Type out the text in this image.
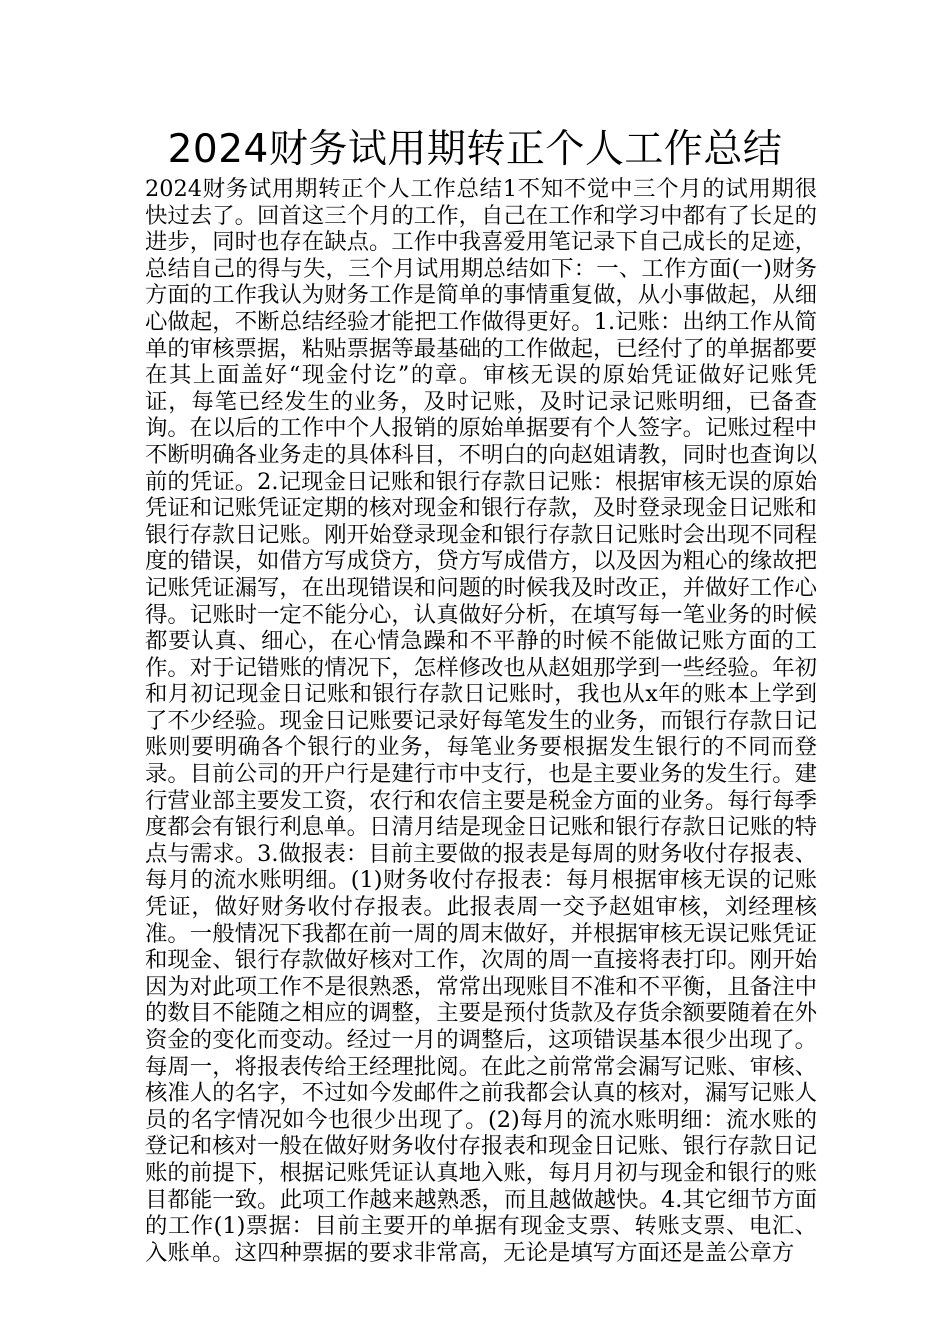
2024财务试用期转正个人工作总结

2024财务试用期转正个人工作总结1不知不觉中三个月的试用期很快过去了。回首这三个月的工作，自己在工作和学习中都有了长足的进步，同时也存在缺点。工作中我喜爱用笔记录下自己成长的足迹，总结自己的得与失，三个月试用期总结如下：一、工作方面(一)财务方面的工作我认为财务工作是简单的事情重复做，从小事做起，从细心做起，不断总结经验才能把工作做得更好。1.记账：出纳工作从简单的审核票据，粘贴票据等最基础的工作做起，已经付了的单据都要在其上面盖好“现金付讫”的章。审核无误的原始凭证做好记账凭证，每笔已经发生的业务，及时记账，及时记录记账明细，已备查询。在以后的工作中个人报销的原始单据要有个人签字。记账过程中不断明确各业务走的具体科目，不明白的向赵姐请教，同时也查询以前的凭证。2.记现金日记账和银行存款日记账：根据审核无误的原始凭证和记账凭证定期的核对现金和银行存款，及时登录现金日记账和银行存款日记账。刚开始登录现金和银行存款日记账时会出现不同程度的错误，如借方写成贷方，贷方写成借方，以及因为粗心的缘故把记账凭证漏写，在出现错误和问题的时候我及时改正，并做好工作心得。记账时一定不能分心，认真做好分析，在填写每一笔业务的时候都要认真、细心，在心情急躁和不平静的时候不能做记账方面的工作。对于记错账的情况下，怎样修改也从赵姐那学到一些经验。年初和月初记现金日记账和银行存款日记账时，我也从x年的账本上学到了不少经验。现金日记账要记录好每笔发生的业务，而银行存款日记账则要明确各个银行的业务，每笔业务要根据发生银行的不同而登录。目前公司的开户行是建行市中支行，也是主要业务的发生行。建行营业部主要发工资，农行和农信主要是税金方面的业务。每行每季度都会有银行利息单。日清月结是现金日记账和银行存款日记账的特点与需求。3.做报表：目前主要做的报表是每周的财务收付存报表、每月的流水账明细。(1)财务收付存报表：每月根据审核无误的记账凭证，做好财务收付存报表。此报表周一交予赵姐审核，刘经理核准。一般情况下我都在前一周的周末做好，并根据审核无误记账凭证和现金、银行存款做好核对工作，次周的周一直接将表打印。刚开始因为对此项工作不是很熟悉，常常出现账目不准和不平衡，且备注中的数目不能随之相应的调整，主要是预付货款及存货余额要随着在外资金的变化而变动。经过一月的调整后，这项错误基本很少出现了。每周一，将报表传给王经理批阅。在此之前常常会漏写记账、审核、核准人的名字，不过如今发邮件之前我都会认真的核对，漏写记账人员的名字情况如今也很少出现了。(2)每月的流水账明细：流水账的登记和核对一般在做好财务收付存报表和现金日记账、银行存款日记账的前提下，根据记账凭证认真地入账，每月月初与现金和银行的账目都能一致。此项工作越来越熟悉，而且越做越快。4.其它细节方面的工作(1)票据：目前主要开的单据有现金支票、转账支票、电汇、入账单。这四种票据的要求非常高，无论是填写方面还是盖公章方
